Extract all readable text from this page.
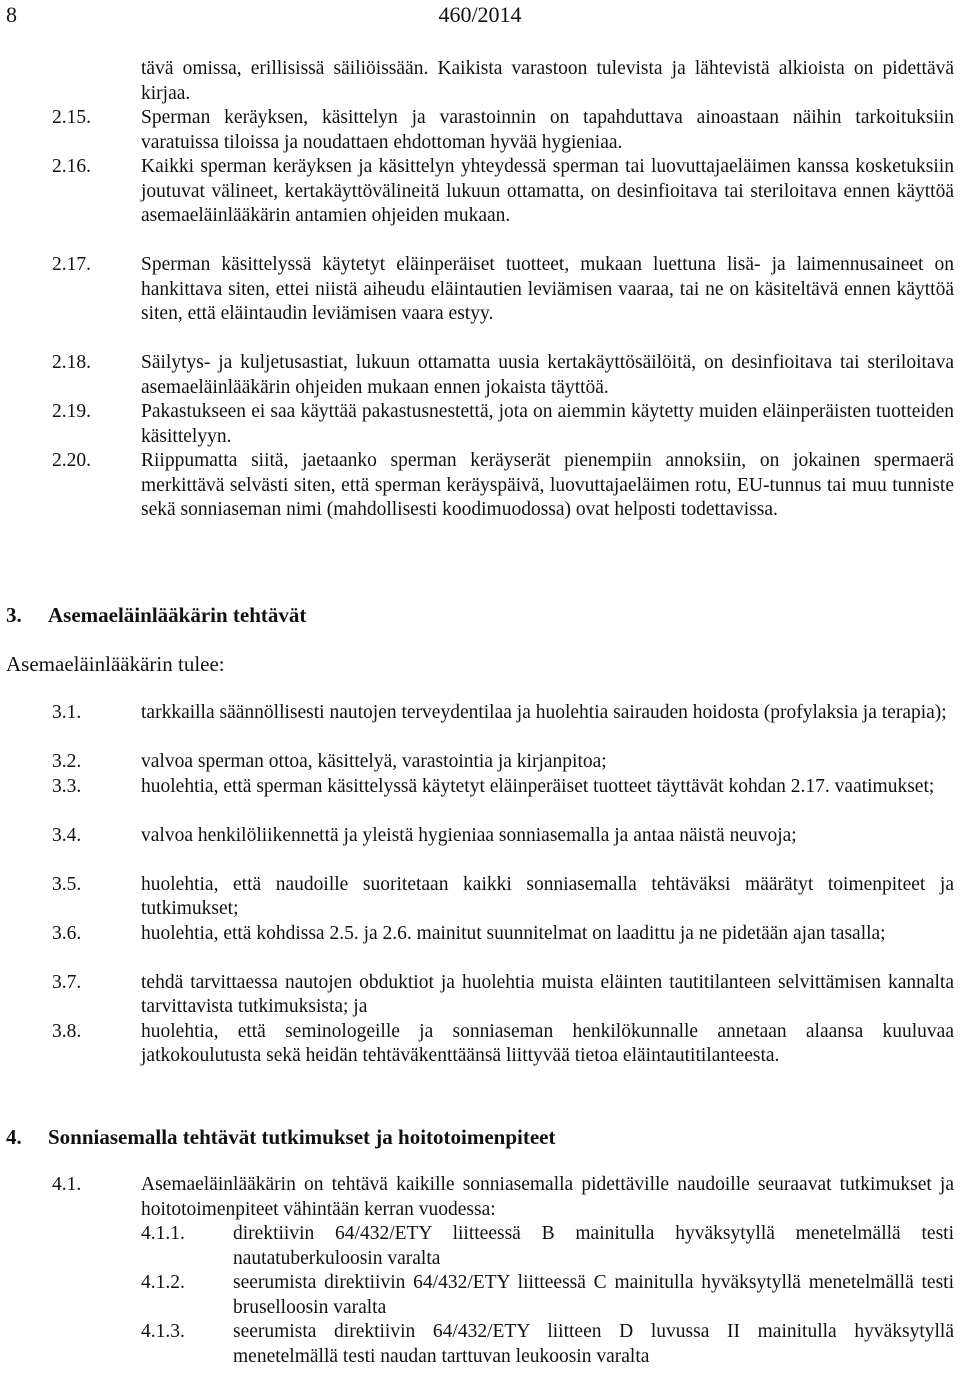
8	460/2014
tävä omissa, erillisissä säiliöissään. Kaikista varastoon tulevista ja lähtevistä alkioista on pidettävä kirjaa.
2.15.	Sperman keräyksen, käsittelyn ja varastoinnin on tapahduttava ainoastaan näihin tarkoituksiin varatuissa tiloissa ja noudattaen ehdottoman hyvää hygieniaa.
2.16.	Kaikki sperman keräyksen ja käsittelyn yhteydessä sperman tai luovuttajaeläimen kanssa kosketuksiin joutuvat välineet, kertakäyttövälineitä lukuun ottamatta, on desinfioitava tai steriloitava ennen käyttöä asemaeläinlääkärin antamien ohjeiden mukaan.
2.17.	Sperman käsittelyssä käytetyt eläinperäiset tuotteet, mukaan luettuna lisä- ja laimennusaineet on hankittava siten, ettei niistä aiheudu eläintautien leviämisen vaaraa, tai ne on käsiteltävä ennen käyttöä siten, että eläintaudin leviämisen vaara estyy.
2.18.	Säilytys- ja kuljetusastiat, lukuun ottamatta uusia kertakäyttösäilöitä, on desinfioitava tai steriloitava asemaeläinlääkärin ohjeiden mukaan ennen jokaista täyttöä.
2.19.	Pakastukseen ei saa käyttää pakastusnestettä, jota on aiemmin käytetty muiden eläinperäisten tuotteiden käsittelyyn.
2.20.	Riippumatta siitä, jaetaanko sperman keräyserät pienempiin annoksiin, on jokainen spermaerä merkittävä selvästi siten, että sperman keräyspäivä, luovuttajaeläimen rotu, EU-tunnus tai muu tunniste sekä sonniaseman nimi (mahdollisesti koodimuodossa) ovat helposti todettavissa.
3. Asemaeläinlääkärin tehtävät
Asemaeläinlääkärin tulee:
3.1.	tarkkailla säännöllisesti nautojen terveydentilaa ja huolehtia sairauden hoidosta (profylaksia ja terapia);
3.2.	valvoa sperman ottoa, käsittelyä, varastointia ja kirjanpitoa;
3.3.	huolehtia, että sperman käsittelyssä käytetyt eläinperäiset tuotteet täyttävät kohdan 2.17. vaatimukset;
3.4.	valvoa henkilöliikennettä ja yleistä hygieniaa sonniasemalla ja antaa näistä neuvoja;
3.5.	huolehtia, että naudoille suoritetaan kaikki sonniasemalla tehtäväksi määrätyt toimenpiteet ja tutkimukset;
3.6.	huolehtia, että kohdissa 2.5. ja 2.6. mainitut suunnitelmat on laadittu ja ne pidetään ajan tasalla;
3.7.	tehdä tarvittaessa nautojen obduktiot ja huolehtia muista eläinten tautitilanteen selvittämisen kannalta tarvittavista tutkimuksista; ja
3.8.	huolehtia, että seminologeille ja sonniaseman henkilökunnalle annetaan alaansa kuuluvaa jatkokoulutusta sekä heidän tehtäväkenttäänsä liittyvää tietoa eläintautitilanteesta.
4. Sonniasemalla tehtävät tutkimukset ja hoitotoimenpiteet
4.1.	Asemaeläinlääkärin on tehtävä kaikille sonniasemalla pidettäville naudoille seuraavat tutkimukset ja hoitotoimenpiteet vähintään kerran vuodessa:
4.1.1. direktiivin 64/432/ETY liitteessä B mainitulla hyväksytyllä menetelmällä testi nautatuberkuloosin varalta
4.1.2. seerumista direktiivin 64/432/ETY liitteessä C mainitulla hyväksytyllä menetelmällä testi bruselloosin varalta
4.1.3. seerumista direktiivin 64/432/ETY liitteen D luvussa II mainitulla hyväksytyllä menetelmällä testi naudan tarttuvan leukoosin varalta
